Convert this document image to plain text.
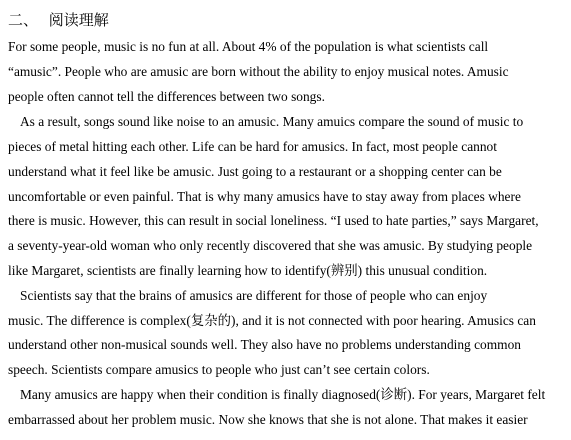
二、 阅读理解
For some people, music is no fun at all. About 4% of the population is what scientists call
“amusic”. People who are amusic are born without the ability to enjoy musical notes. Amusic
people often cannot tell the differences between two songs.
As a result, songs sound like noise to an amusic. Many amuics compare the sound of music to
pieces of metal hitting each other. Life can be hard for amusics. In fact, most people cannot
understand what it feel like be amusic. Just going to a restaurant or a shopping center can be
uncomfortable or even painful. That is why many amusics have to stay away from places where
there is music. However, this can result in social loneliness. “I used to hate parties,” says Margaret,
a seventy-year-old woman who only recently discovered that she was amusic. By studying people
like Margaret, scientists are finally learning how to identify(辨别) this unusual condition.
Scientists say that the brains of amusics are different for those of people who can enjoy
music. The difference is complex(复杂的), and it is not connected with poor hearing. Amusics can
understand other non-musical sounds well. They also have no problems understanding common
speech. Scientists compare amusics to people who just can’t see certain colors.
Many amusics are happy when their condition is finally diagnosed(诊断). For years, Margaret felt
embarrassed about her problem music. Now she knows that she is not alone. That makes it easier
